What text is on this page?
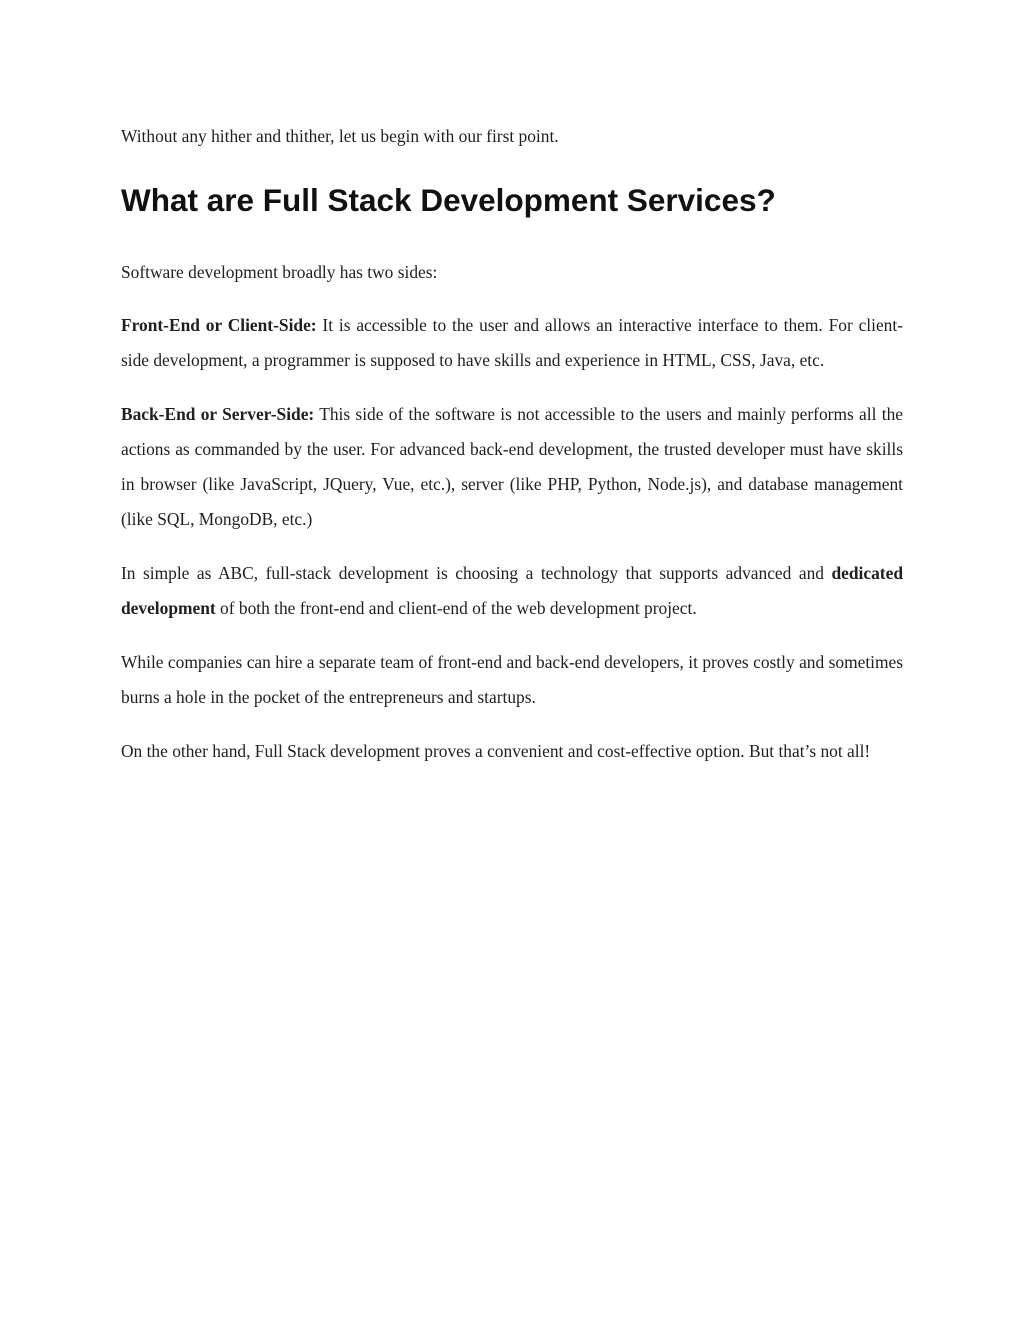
Without any hither and thither, let us begin with our first point.

What are Full Stack Development Services?

Software development broadly has two sides:

Front-End or Client-Side: It is accessible to the user and allows an interactive interface to them. For client-side development, a programmer is supposed to have skills and experience in HTML, CSS, Java, etc.

Back-End or Server-Side: This side of the software is not accessible to the users and mainly performs all the actions as commanded by the user. For advanced back-end development, the trusted developer must have skills in browser (like JavaScript, JQuery, Vue, etc.), server (like PHP, Python, Node.js), and database management (like SQL, MongoDB, etc.)

In simple as ABC, full-stack development is choosing a technology that supports advanced and dedicated development of both the front-end and client-end of the web development project.

While companies can hire a separate team of front-end and back-end developers, it proves costly and sometimes burns a hole in the pocket of the entrepreneurs and startups.

On the other hand, Full Stack development proves a convenient and cost-effective option. But that’s not all!
